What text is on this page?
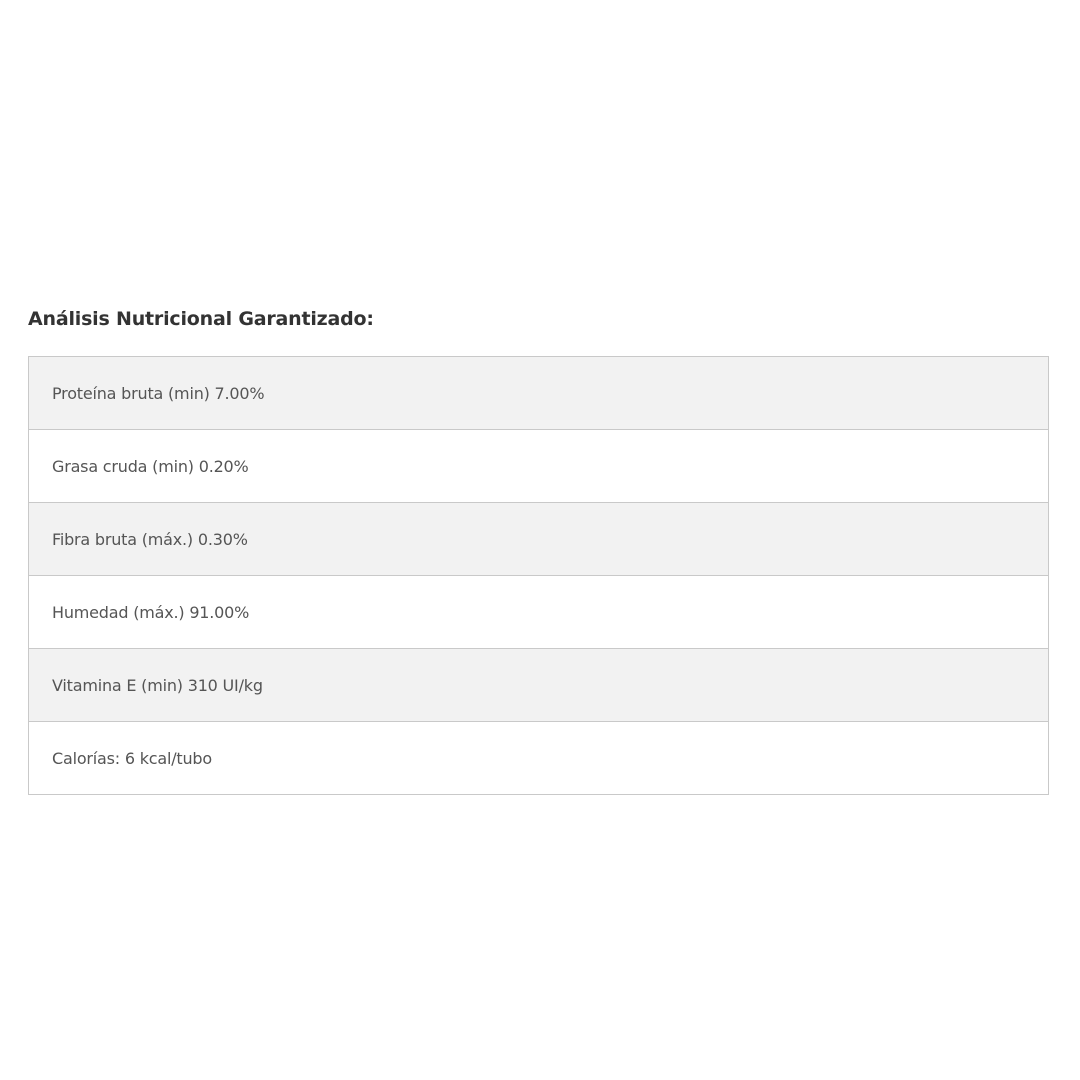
Análisis Nutricional Garantizado:
Proteína bruta (min) 7.00%
Grasa cruda (min) 0.20%
Fibra bruta (máx.) 0.30%
Humedad (máx.) 91.00%
Vitamina E (min) 310 UI/kg
Calorías: 6 kcal/tubo
